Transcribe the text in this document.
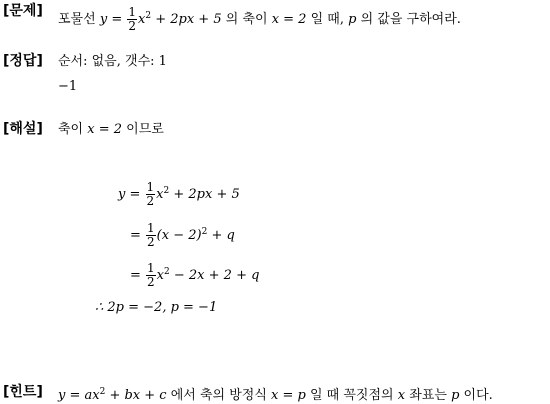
[문제]
포물선 $y = \frac{1}{2} x^2 + 2px + 5$ 의 축이 x = 2 일 때, p 의 값을 구하여라.
[정답] 순서: 없음, 갯수: 1
−1
[해설] 축이 x = 2 이므로
$y = \frac{1}{2} x^2 + 2px + 5$
= $\frac{1}{2} (x - 2)^2 + q$
= $\frac{1}{2} x^2 - 2x + 2 + q$
∴ 2p = −2, p = −1
[힌트] $y = ax^2$ + bx + c 에서 축의 방정식 x = p 일 때 꼭짓점의 x 좌표는 p 이다.
